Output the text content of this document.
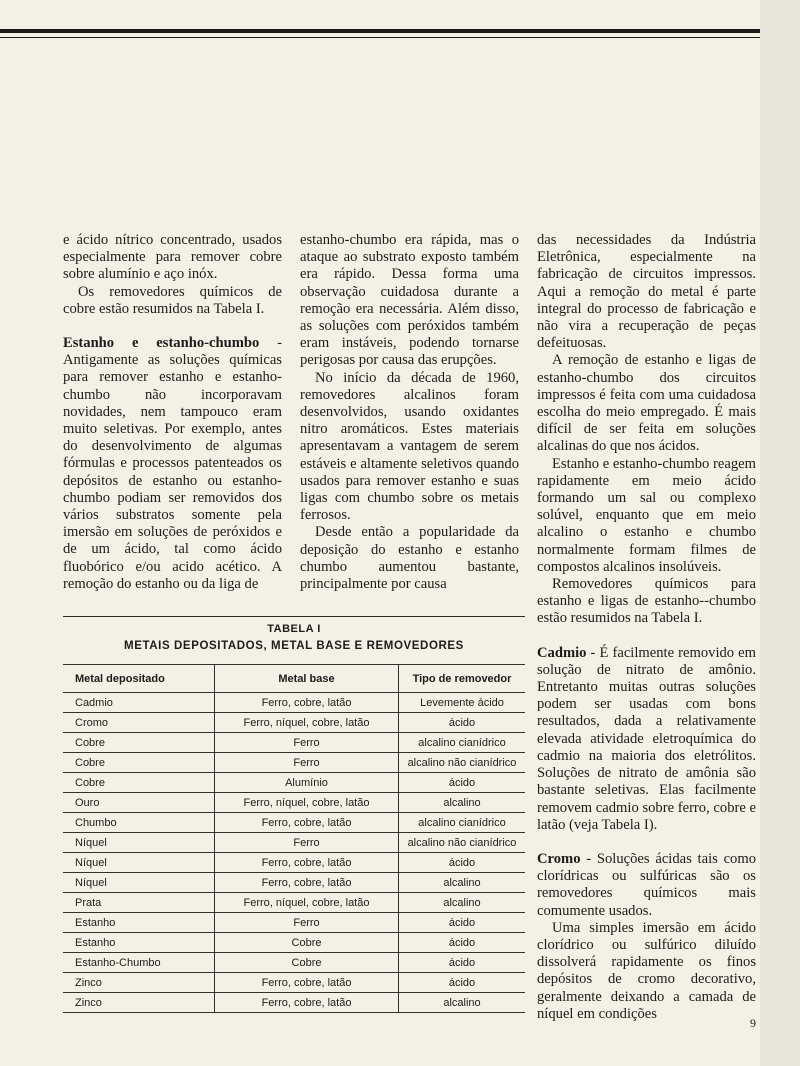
e ácido nítrico concentrado, usados especialmente para remover cobre sobre alumínio e aço inóx.

Os removedores químicos de cobre estão resumidos na Tabela I.

Estanho e estanho-chumbo - Antigamente as soluções químicas para remover estanho e estanho-chumbo não incorporavam novidades, nem tampouco eram muito seletivas. Por exemplo, antes do desenvolvimento de algumas fórmulas e processos patenteados os depósitos de estanho ou estanho-chumbo podiam ser removidos dos vários substratos somente pela imersão em soluções de peróxidos e de um ácido, tal como ácido fluobórico e/ou acido acético. A remoção do estanho ou da liga de

estanho-chumbo era rápida, mas o ataque ao substrato exposto também era rápido. Dessa forma uma observação cuidadosa durante a remoção era necessária. Além disso, as soluções com peróxidos também eram instáveis, podendo tornarse perigosas por causa das erupções.

No início da década de 1960, removedores alcalinos foram desenvolvidos, usando oxidantes nitro aromáticos. Estes materiais apresentavam a vantagem de serem estáveis e altamente seletivos quando usados para remover estanho e suas ligas com chumbo sobre os metais ferrosos.

Desde então a popularidade da deposição do estanho e estanho chumbo aumentou bastante, principalmente por causa

das necessidades da Indústria Eletrônica, especialmente na fabricação de circuitos impressos. Aqui a remoção do metal é parte integral do processo de fabricação e não vira a recuperação de peças defeituosas.

A remoção de estanho e ligas de estanho-chumbo dos circuitos impressos é feita com uma cuidadosa escolha do meio empregado. É mais difícil de ser feita em soluções alcalinas do que nos ácidos.

Estanho e estanho-chumbo reagem rapidamente em meio ácido formando um sal ou complexo solúvel, enquanto que em meio alcalino o estanho e chumbo normalmente formam filmes de compostos alcalinos insolúveis.

Removedores químicos para estanho e ligas de estanho--chumbo estão resumidos na Tabela I.

Cadmio - É facilmente removido em solução de nitrato de amônio. Entretanto muitas outras soluções podem ser usadas com bons resultados, dada a relativamente elevada atividade eletroquímica do cadmio na maioria dos eletrólitos. Soluções de nitrato de amônia são bastante seletivas. Elas facilmente removem cadmio sobre ferro, cobre e latão (veja Tabela I).

Cromo - Soluções ácidas tais como clorídricas ou sulfúricas são os removedores químicos mais comumente usados.

Uma simples imersão em ácido clorídrico ou sulfúrico diluído dissolverá rapidamente os finos depósitos de cromo decorativo, geralmente deixando a camada de níquel em condições

TABELA I
METAIS DEPOSITADOS, METAL BASE E REMOVEDORES
Metal depositado	Metal base	Tipo de removedor
Cadmio	Ferro, cobre, latão	Levemente ácido
Cromo	Ferro, níquel, cobre, latão	ácido
Cobre	Ferro	alcalino cianídrico
Cobre	Ferro	alcalino não cianídrico
Cobre	Alumínio	ácido
Ouro	Ferro, níquel, cobre, latão	alcalino
Chumbo	Ferro, cobre, latão	alcalino cianídrico
Níquel	Ferro	alcalino não cianídrico
Níquel	Ferro, cobre, latão	ácido
Níquel	Ferro, cobre, latão	alcalino
Prata	Ferro, níquel, cobre, latão	alcalino
Estanho	Ferro	ácido
Estanho	Cobre	ácido
Estanho-Chumbo	Cobre	ácido
Zinco	Ferro, cobre, latão	ácido
Zinco	Ferro, cobre, latão	alcalino
9
